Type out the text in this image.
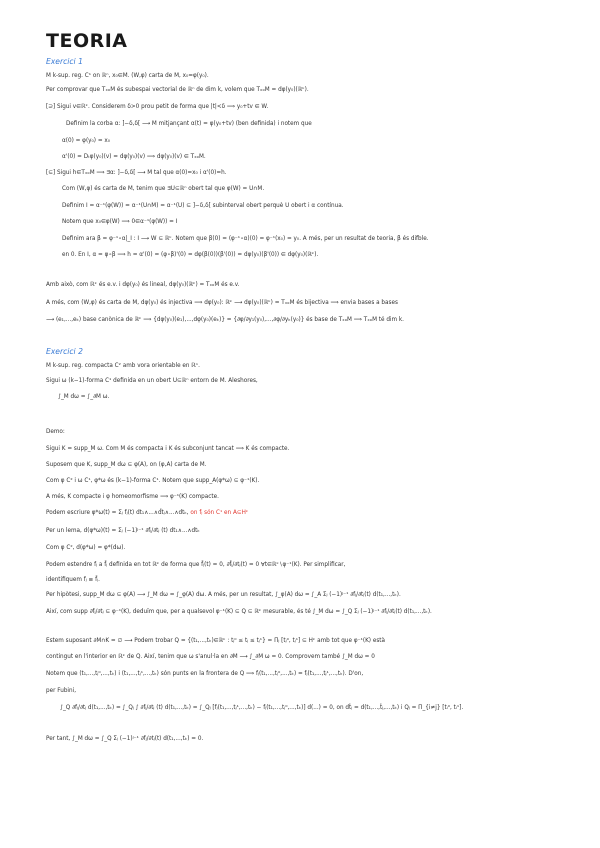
TEORIA
Exercici 1
M k-sup. reg. C¹ on ℝⁿ, x₀∈M. (W,φ) carta de M, x₀=φ(y₀).
Per comprovar que TₓₒM és subespai vectorial de ℝⁿ de dim k, volem que TₓₒM = dφ(y₀)(ℝᵏ).
[⊇] Sigui v∈ℝᵏ. Considerem δ>0 prou petit de forma que |t|<δ ⟹ y₀+tv ∈ W.
Definim la corba α: ]−δ,δ[ ⟶ M mitjançant α(t) = φ(y₀+tv) (ben definida) i notem que
α(0) = φ(y₀) = x₀
α'(0) = Dₜφ(y₀)(v) = dφ(y₀)(v) ⟹ dφ(y₀)(v) ∈ TₓₒM.
[⊆] Sigui h∈TₓₒM ⟹ ∃α: ]−δ,δ[ ⟶ M tal que α(0)=x₀ i α'(0)=h.
Com (W,φ) és carta de M, tenim que ∃U⊆ℝⁿ obert tal que φ(W) = U∩M.
Definim I = α⁻¹(φ(W)) = α⁻¹(U∩M) = α⁻¹(U) ⊆ ]−δ,δ[ subinterval obert perquè U obert i α contínua.
Notem que x₀∈φ(W) ⟹ 0∈α⁻¹(φ(W)) = I
Definim ara β = φ⁻¹∘α|_I : I ⟶ W ⊆ ℝᵏ. Notem que β(0) = (φ⁻¹∘α)(0) = φ⁻¹(x₀) = y₀. A més, per un resultat de teoria, β és difble.
en 0. En I, α = φ∘β ⟹ h = α'(0) = (φ∘β)'(0) = dφ(β(0))(β'(0)) = dφ(y₀)(β'(0)) ∈ dφ(y₀)(ℝᵏ).
Amb això, com ℝᵏ és e.v. i dφ(y₀) és lineal, dφ(y₀)(ℝᵏ) = TₓₒM és e.v.
A més, com (W,φ) és carta de M, dφ(y₀) és injectiva ⟹ dφ(y₀): ℝᵏ ⟶ dφ(y₀)(ℝᵏ) = TₓₒM és bijectiva ⟹ envia bases a bases
⟶ (e₁,...,eₖ) base canònica de ℝᵏ ⟹ {dφ(y₀)(e₁),...,dφ(y₀)(eₖ)} = {∂φ/∂y₁(y₀),...,∂φ/∂yₖ(y₀)} és base de TₓₒM ⟹ TₓₒM té dim k.
Exercici 2
M k-sup. reg. compacta C² amb vora orientable en ℝⁿ.
Sigui ω (k−1)-forma C¹ definida en un obert U⊆ℝⁿ entorn de M. Aleshores,
∫_M dω = ∫_∂M ω.
Demo:
Sigui K = supp_M ω. Com M és compacta i K és subconjunt tancat ⟹ K és compacte.
Suposem que K, supp_M dω ⊆ φ(A), on (φ,A) carta de M.
Com φ C² i ω C¹, φ*ω és (k−1)-forma C¹. Notem que supp_A(φ*ω) ⊆ φ⁻¹(K).
A més, K compacte i φ homeomorfisme ⟹ φ⁻¹(K) compacte.
Podem escriure φ*ω(t) = Σⱼ fⱼ(t) dt₁∧...∧d̂tⱼ∧...∧dtₖ, on fⱼ són C¹ en A⊆Hᵏ
Per un lema, d(φ*ω)(t) = Σⱼ (−1)ʲ⁻¹ ∂fⱼ/∂tⱼ (t) dt₁∧...∧dtₖ
Com φ C², d(φ*ω) = φ*(dω).
Podem estendre fⱼ a f̃ⱼ definida en tot ℝᵏ de forma que f̃ⱼ(t) = 0, ∂f̃ⱼ/∂tⱼ(t) = 0 ∀t∈ℝᵏ∖φ⁻¹(K). Per simplificar,
identifiquem fⱼ ≡ f̃ⱼ.
Per hipòtesi, supp_M dω ⊆ φ(A) ⟶ ∫_M dω = ∫_φ(A) dω. A més, per un resultat, ∫_φ(A) dω = ∫_A Σⱼ (−1)ʲ⁻¹ ∂fⱼ/∂tⱼ(t) d(t₁,...,tₖ).
Així, com supp ∂fⱼ/∂tⱼ ⊆ φ⁻¹(K), deduïm que, per a qualsevol φ⁻¹(K) ⊆ Q ⊆ ℝᵏ mesurable, és té ∫_M dω = ∫_Q Σⱼ (−1)ʲ⁻¹ ∂fⱼ/∂tⱼ(t) d(t₁,...,tₖ).
Estem suposant ∂M∩K = ∅ ⟶ Podem trobar Q = {(t₁,...,tₖ)∈ℝᵏ : tⱼ⁰ ≤ tⱼ ≤ tⱼ¹} = Πⱼ [tⱼ⁰, tⱼ¹] ⊆ Hᵏ amb tot que φ⁻¹(K) està
contingut en l'interior en ℝᵏ de Q. Així, tenim que ω s'anul·la en ∂M ⟶ ∫_∂M ω = 0. Comprovem també ∫_M dω = 0
Notem que (t₁,...,tⱼ⁰,...,tₖ) i (t₁,...,tⱼ¹,...,tₖ) són punts en la frontera de Q ⟹ fⱼ(t₁,...,tⱼ⁰,...,tₖ) = fⱼ(t₁,...,tⱼ¹,...,tₖ). D'on,
per Fubini,
∫_Q ∂fⱼ/∂tⱼ d(t₁,...,tₖ) = ∫_Qⱼ ∫ ∂fⱼ/∂tⱼ (t) d(t₁,...,tₖ) = ∫_Qⱼ [fⱼ(t₁,...,tⱼ¹,...,tₖ) − fⱼ(t₁,...,tⱼ⁰,...,tₖ)] d(...) = 0, on dt̂ⱼ = d(t₁,...,t̂ⱼ,...,tₖ) i Qⱼ = Π_{i≠j} [tᵢ⁰, tᵢ¹].
Per tant, ∫_M dω = ∫_Q Σⱼ (−1)ʲ⁻¹ ∂fⱼ/∂tⱼ(t) d(t₁,...,tₖ) = 0.
